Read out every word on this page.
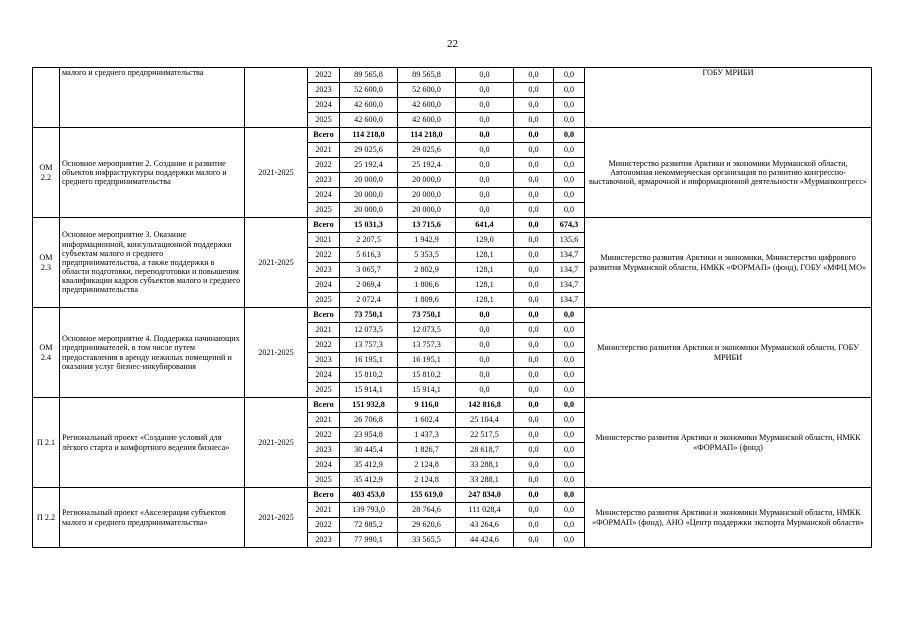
22
	малого и среднего предпринимательства		2022	89 565,8	89 565,8	0,0	0,0	0,0	ГОБУ МРИБИ
			2023	52 600,0	52 600,0	0,0	0,0	0,0	
			2024	42 600,0	42 600,0	0,0	0,0	0,0	
			2025	42 600,0	42 600,0	0,0	0,0	0,0	
ОМ 2.2	Основное мероприятие 2. Создание и развитие объектов инфраструктуры поддержки малого и среднего предпринимательства	2021-2025	Всего	114 218,0	114 218,0	0,0	0,0	0,0	Министерство развития Арктики и экономики Мурманской области, Автономная некоммерческая организация по развитию конгрессно-выставочной, ярмарочной и информационной деятельности «Мурманконгресс»
			2021	29 025,6	29 025,6	0,0	0,0	0,0	
			2022	25 192,4	25 192,4	0,0	0,0	0,0	
			2023	20 000,0	20 000,0	0,0	0,0	0,0	
			2024	20 000,0	20 000,0	0,0	0,0	0,0	
			2025	20 000,0	20 000,0	0,0	0,0	0,0	
ОМ 2.3	Основное мероприятие 3. Оказание информационной, консультационной поддержки субъектам малого и среднего предпринимательства, а также поддержки в области подготовки, переподготовки и повышения квалификации кадров субъектов малого и среднего предпринимательства	2021-2025	Всего	15 031,3	13 715,6	641,4	0,0	674,3	Министерство развития Арктики и экономики, Министерство цифрового развития Мурманской области, НМКК «ФОРМАП» (фонд), ГОБУ «МФЦ МО»
			2021	2 207,5	1 942,9	129,0	0,0	135,6	
			2022	5 616,3	5 353,5	128,1	0,0	134,7	
			2023	3 065,7	2 802,9	128,1	0,0	134,7	
			2024	2 069,4	1 806,6	128,1	0,0	134,7	
			2025	2 072,4	1 809,6	128,1	0,0	134,7	
ОМ 2.4	Основное мероприятие 4. Поддержка начинающих предпринимателей, в том числе путем предоставления в аренду нежилых помещений и оказания услуг бизнес-инкубирования	2021-2025	Всего	73 750,1	73 750,1	0,0	0,0	0,0	Министерство развития Арктики и экономики Мурманской области, ГОБУ МРИБИ
			2021	12 073,5	12 073,5	0,0	0,0	0,0	
			2022	13 757,3	13 757,3	0,0	0,0	0,0	
			2023	16 195,1	16 195,1	0,0	0,0	0,0	
			2024	15 810,2	15 810,2	0,0	0,0	0,0	
			2025	15 914,1	15 914,1	0,0	0,0	0,0	
П 2.1	Региональный проект «Создание условий для лёгкого старта и комфортного ведения бизнеса»	2021-2025	Всего	151 932,8	9 116,0	142 816,8	0,0	0,0	Министерство развития Арктики и экономики Мурманской области, НМКК «ФОРМАП» (фонд)
			2021	26 706,8	1 602,4	25 104,4	0,0	0,0	
			2022	23 954,8	1 437,3	22 517,5	0,0	0,0	
			2023	30 445,4	1 826,7	28 618,7	0,0	0,0	
			2024	35 412,9	2 124,8	33 288,1	0,0	0,0	
			2025	35 412,9	2 124,8	33 288,1	0,0	0,0	
П 2.2	Региональный проект «Акселерация субъектов малого и среднего предпринимательства»	2021-2025	Всего	403 453,0	155 619,0	247 834,0	0,0	0,0	Министерство развития Арктики и экономики Мурманской области, НМКК «ФОРМАП» (фонд), АНО «Центр поддержки экспорта Мурманской области»
			2021	139 793,0	28 764,6	111 028,4	0,0	0,0	
			2022	72 885,2	29 620,6	43 264,6	0,0	0,0	
			2023	77 990,1	33 565,5	44 424,6	0,0	0,0	
